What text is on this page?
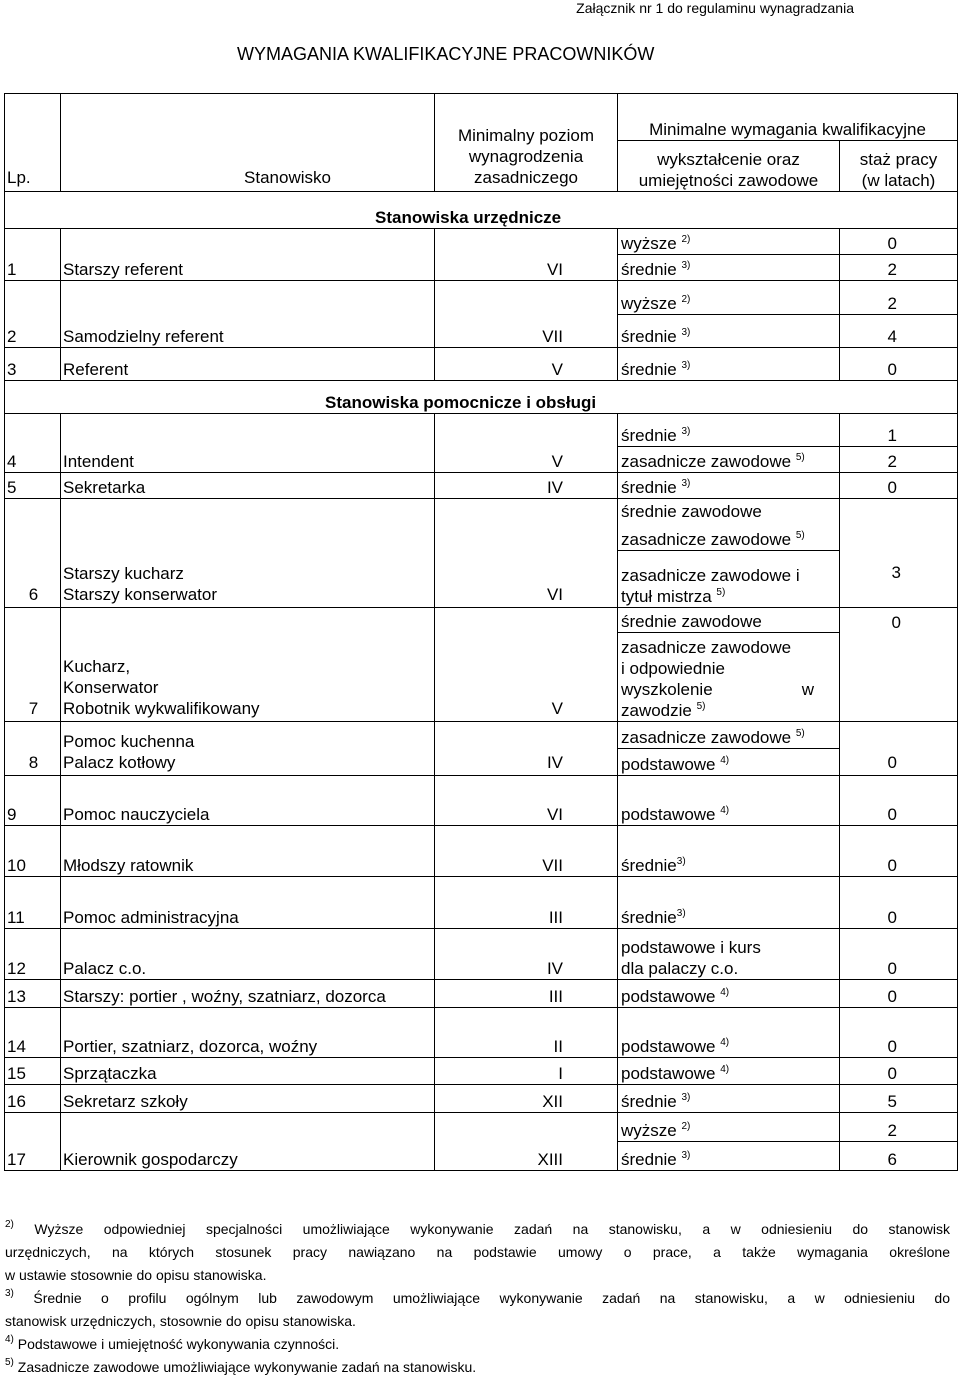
Załącznik nr 1 do regulaminu wynagradzania
WYMAGANIA KWALIFIKACYJNE PRACOWNIKÓW
Lp.	Stanowisko	Minimalny poziom
wynagrodzenia
zasadniczego	Minimalne wymagania kwalifikacyjne	

			wykształcenie oraz
umiejętności zawodowe	staż pracy
(w latach)

Stanowiska urzędnicze				
1	Starszy referent	VI	wyższe $^{2)}$	0
			średnie $^{3)}$	2
2	Samodzielny referent	VII	wyższe $^{2)}$	2
			średnie $^{3)}$	4
3	Referent	V	średnie $^{3)}$	0
Stanowiska pomocnicze i obsługi				
4	Intendent	V	średnie $^{3)}$	1
			zasadnicze zawodowe $^{5)}$	2
5	Sekretarka	IV	średnie $^{3)}$	0
6	Starszy kucharz
Starszy konserwator	VI	średnie zawodowe	3
			zasadnicze zawodowe $^{5)}$

			zasadnicze zawodowe i
tytuł mistrza $^{5)}$

7	Kucharz,
Konserwator
Robotnik wykwalifikowany	V	średnie zawodowe	0

			zasadnicze zawodowe
i odpowiednie
wyszkolenie w
zawodzie $^{5)}$

8	Pomoc kuchenna
Palacz kotłowy	IV	zasadnicze zawodowe $^{5)}$	0
			podstawowe $^{4)}$
9	Pomoc nauczyciela	VI	podstawowe $^{4)}$	0
10	Młodszy ratownik	VII	średnie$^{3)}$	0
11	Pomoc administracyjna	III	średnie$^{3)}$	0
12	Palacz c.o.	IV	podstawowe i kurs
dla palaczy c.o.	0
13	Starszy: portier , woźny, szatniarz, dozorca	III	podstawowe $^{4)}$	0
14	Portier, szatniarz, dozorca, woźny	II	podstawowe $^{4)}$	0
15	Sprzątaczka	I	podstawowe $^{4)}$	0
16	Sekretarz szkoły	XII	średnie $^{3)}$	5
17	Kierownik gospodarczy	XIII	wyższe $^{2)}$	2
			średnie $^{3)}$	6

$^{2)}$ Wyższe odpowiedniej specjalności umożliwiające wykonywanie zadań na stanowisku, a w odniesieniu do stanowisk

urzędniczych, na których stosunek pracy nawiązano na podstawie umowy o prace, a także wymagania określone

w ustawie stosownie do opisu stanowiska.

$^{3)}$ Średnie o profilu ogólnym lub zawodowym umożliwiające wykonywanie zadań na stanowisku, a w odniesieniu do

stanowisk urzędniczych, stosownie do opisu stanowiska.

$^{4)}$ Podstawowe i umiejętność wykonywania czynności.

$^{5)}$ Zasadnicze zawodowe umożliwiające wykonywanie zadań na stanowisku.
